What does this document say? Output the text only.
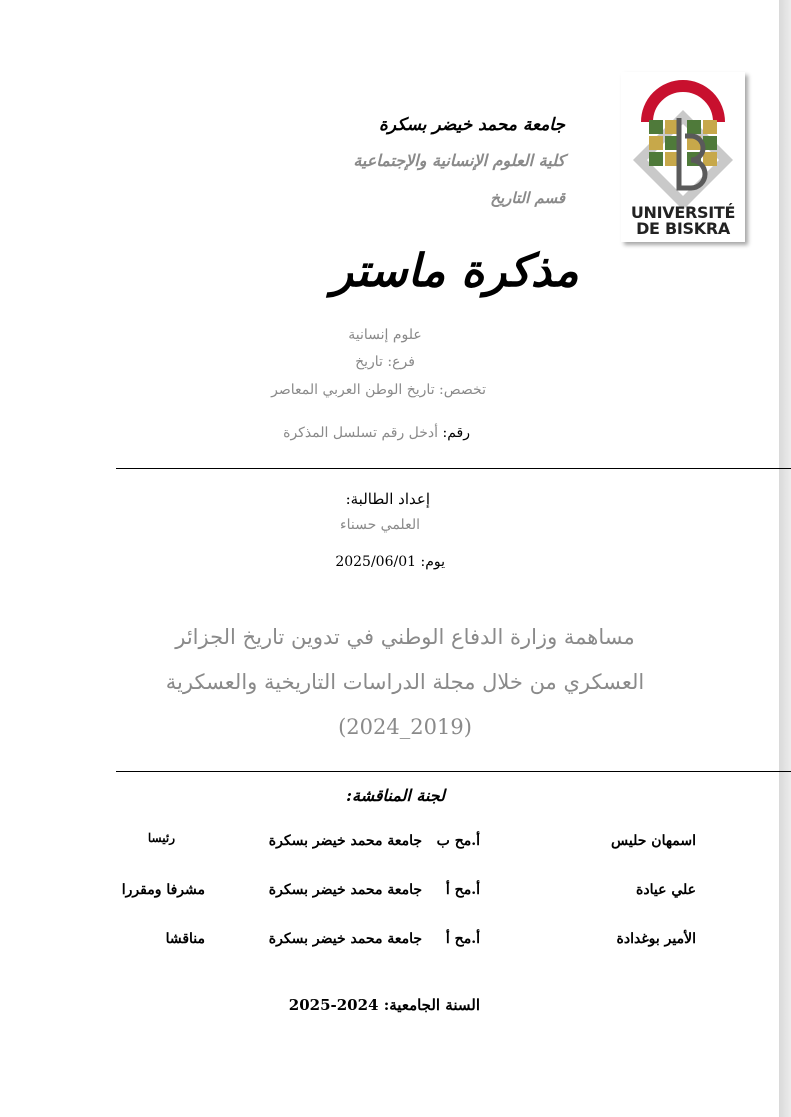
UNIVERSITÉ
DE BISKRA
جامعة محمد خيضر بسكرة
كلية العلوم الإنسانية والإجتماعية
قسم التاريخ
مذكرة ماستر
علوم إنسانية
فرع: تاريخ
تخصص: تاريخ الوطن العربي المعاصر
رقم: أدخل رقم تسلسل المذكرة
إعداد الطالبة:
العلمي حسناء
يوم: 2025/06/01
مساهمة وزارة الدفاع الوطني في تدوين تاريخ الجزائر العسكري من خلال مجلة الدراسات التاريخية والعسكرية (2019_2024)
لجنة المناقشة:
اسمهان حليس
أ.مح ب
جامعة محمد خيضر بسكرة
رئيسا
علي عيادة
أ.مح أ
جامعة محمد خيضر بسكرة
مشرفا ومقررا
الأمير بوغدادة
أ.مح أ
جامعة محمد خيضر بسكرة
مناقشا
السنة الجامعية: 2024-2025
